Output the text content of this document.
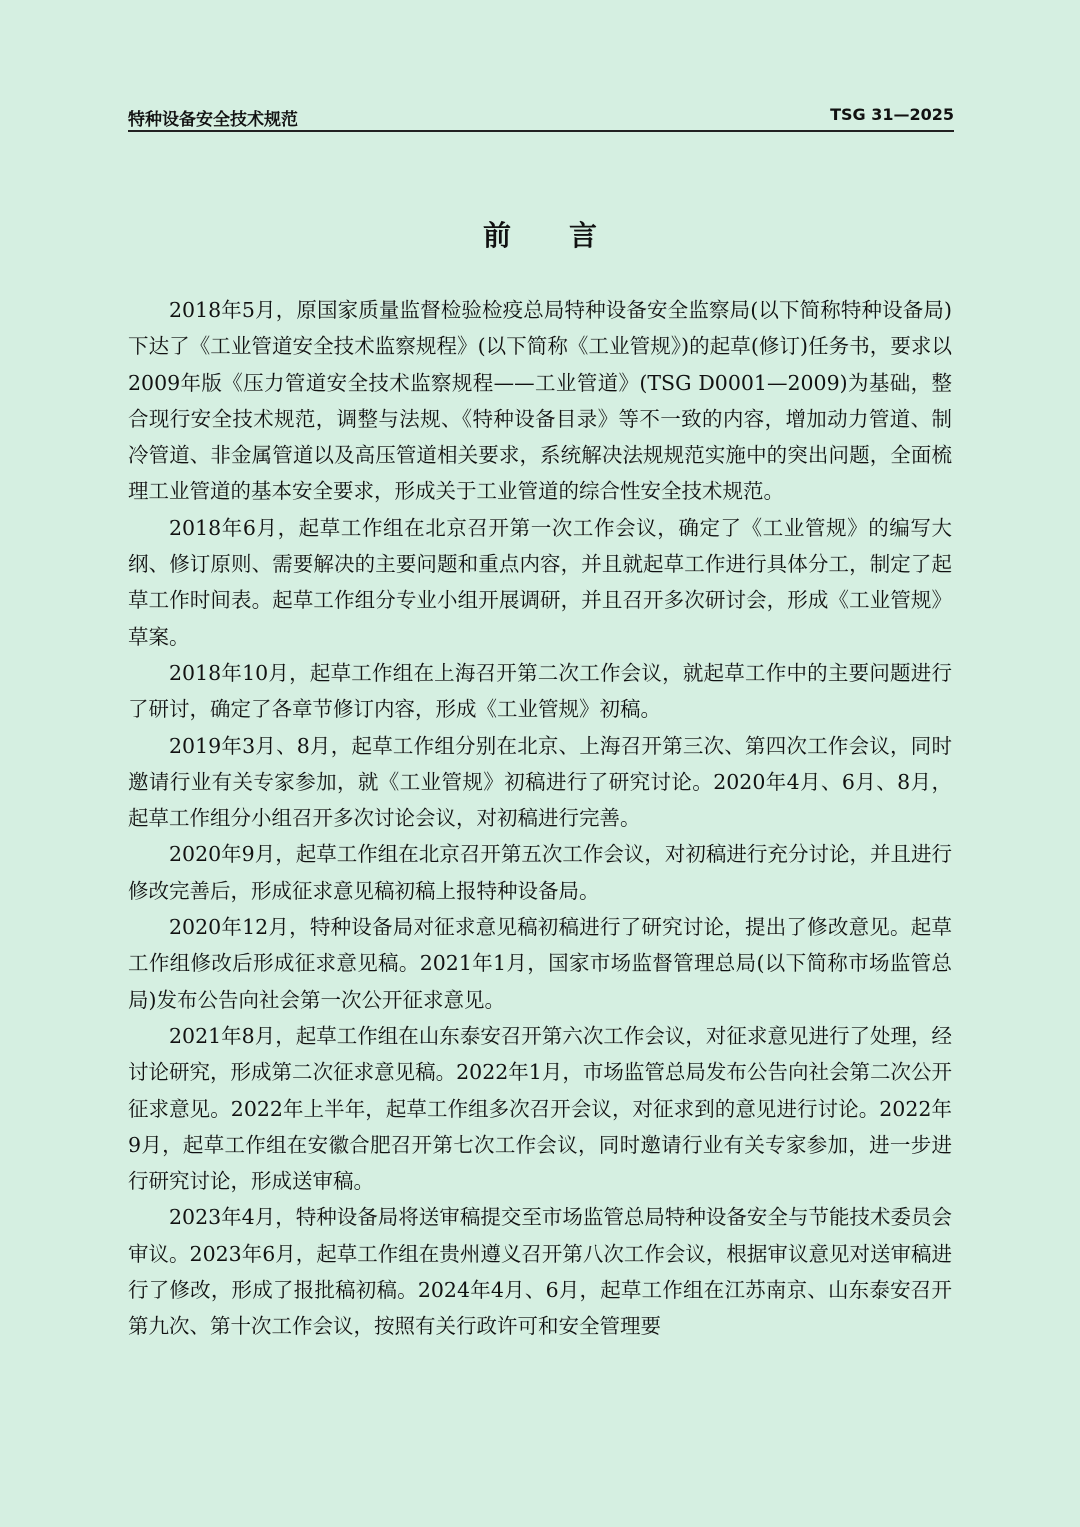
特种设备安全技术规范	TSG 31—2025
前言

2018年5月，原国家质量监督检验检疫总局特种设备安全监察局(以下简称特种设备局)下达了《工业管道安全技术监察规程》(以下简称《工业管规》)的起草(修订)任务书，要求以2009年版《压力管道安全技术监察规程——工业管道》(TSG D0001—2009)为基础，整合现行安全技术规范，调整与法规、《特种设备目录》等不一致的内容，增加动力管道、制冷管道、非金属管道以及高压管道相关要求，系统解决法规规范实施中的突出问题，全面梳理工业管道的基本安全要求，形成关于工业管道的综合性安全技术规范。

2018年6月，起草工作组在北京召开第一次工作会议，确定了《工业管规》的编写大纲、修订原则、需要解决的主要问题和重点内容，并且就起草工作进行具体分工，制定了起草工作时间表。起草工作组分专业小组开展调研，并且召开多次研讨会，形成《工业管规》草案。

2018年10月，起草工作组在上海召开第二次工作会议，就起草工作中的主要问题进行了研讨，确定了各章节修订内容，形成《工业管规》初稿。

2019年3月、8月，起草工作组分别在北京、上海召开第三次、第四次工作会议，同时邀请行业有关专家参加，就《工业管规》初稿进行了研究讨论。2020年4月、6月、8月，起草工作组分小组召开多次讨论会议，对初稿进行完善。

2020年9月，起草工作组在北京召开第五次工作会议，对初稿进行充分讨论，并且进行修改完善后，形成征求意见稿初稿上报特种设备局。

2020年12月，特种设备局对征求意见稿初稿进行了研究讨论，提出了修改意见。起草工作组修改后形成征求意见稿。2021年1月，国家市场监督管理总局(以下简称市场监管总局)发布公告向社会第一次公开征求意见。

2021年8月，起草工作组在山东泰安召开第六次工作会议，对征求意见进行了处理，经讨论研究，形成第二次征求意见稿。2022年1月，市场监管总局发布公告向社会第二次公开征求意见。2022年上半年，起草工作组多次召开会议，对征求到的意见进行讨论。2022年9月，起草工作组在安徽合肥召开第七次工作会议，同时邀请行业有关专家参加，进一步进行研究讨论，形成送审稿。

2023年4月，特种设备局将送审稿提交至市场监管总局特种设备安全与节能技术委员会审议。2023年6月，起草工作组在贵州遵义召开第八次工作会议，根据审议意见对送审稿进行了修改，形成了报批稿初稿。2024年4月、6月，起草工作组在江苏南京、山东泰安召开第九次、第十次工作会议，按照有关行政许可和安全管理要
